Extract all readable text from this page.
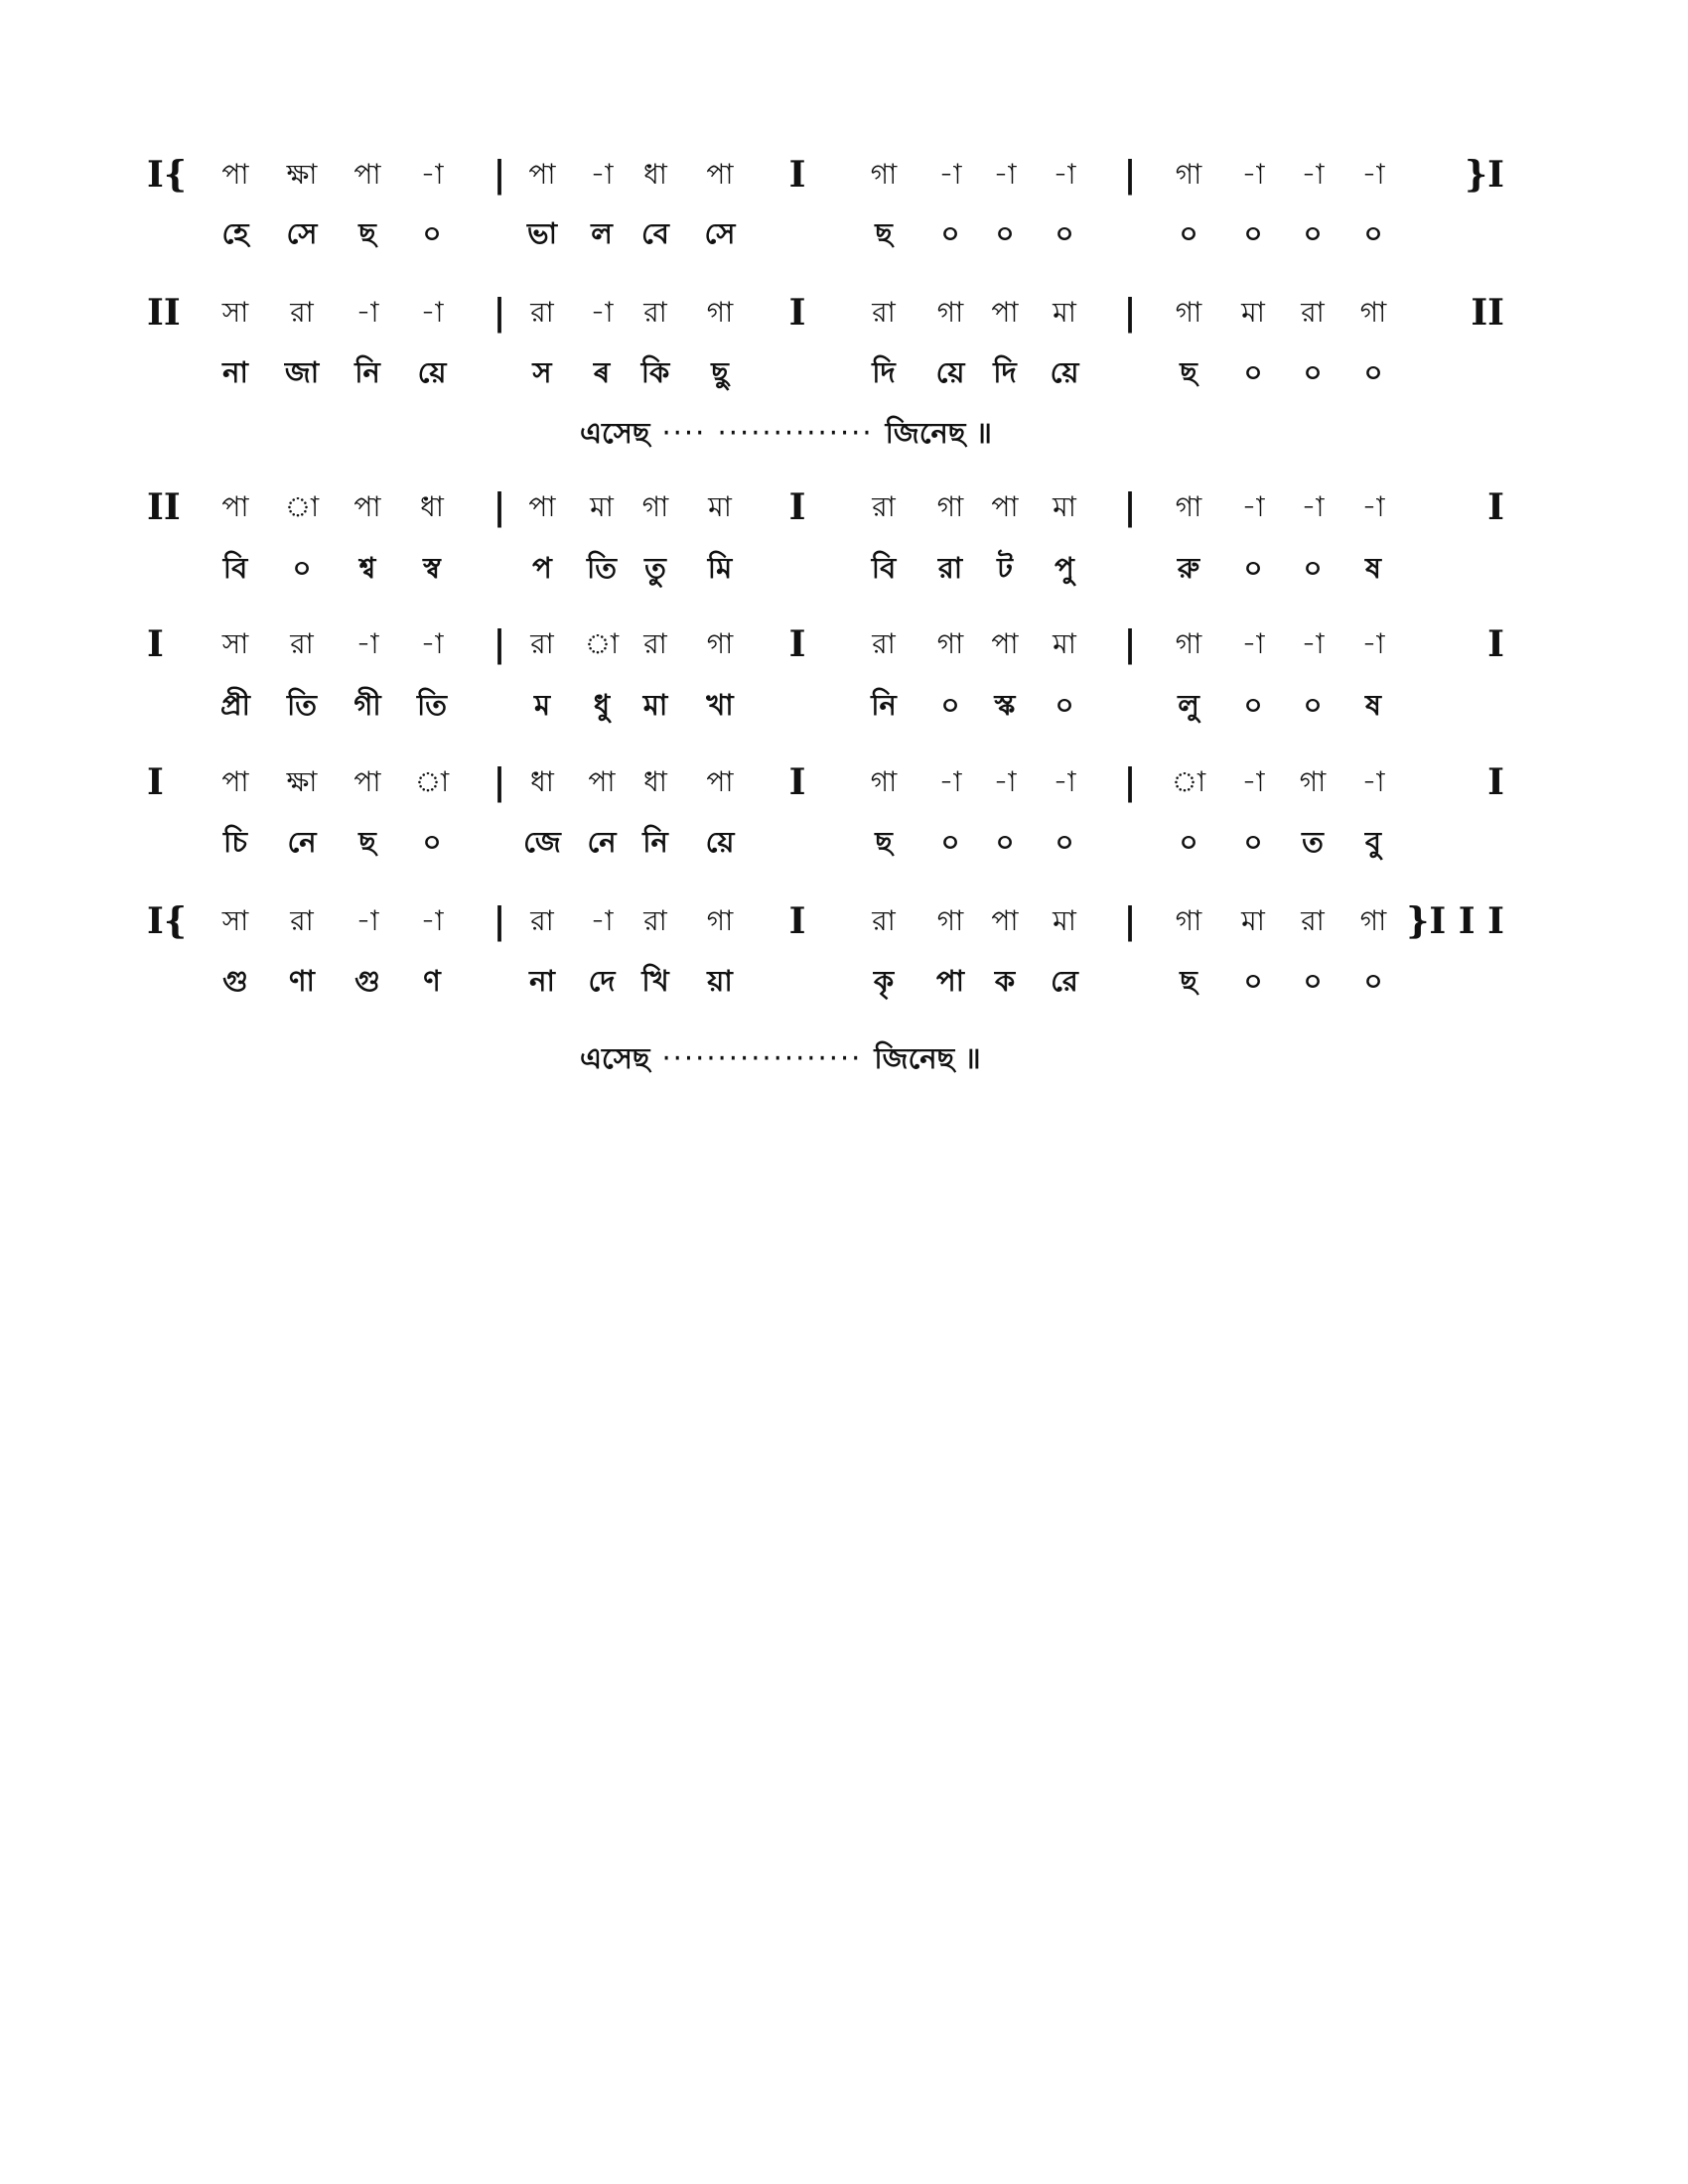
I{ পা ক্ষা পা -া | পা -া ধা পা I গা -া -া -া | গা -া -া -া }I
হে সে ছ ০	ভা ল বে সে	ছ ০ ০ ০	০ ০ ০ ০
II সা রা -া -া | রা -া রা গা I রা গা পা মা | গা মা রা গা II
না জা নি য়ে	স ৰ কি ছু	দি য়ে দি য়ে	ছ ০ ০ ০
এসেছ ···· ·············· জিনেছ ॥
II পা া পা ধা | পা মা গা মা I রা গা পা মা | গা -া -া -া	I
বি ০ শ্ব স্ব	প তি তু মি	বি রা ট পু	রু ০ ০ ষ
I সা রা -া -া | রা া রা গা I রা গা পা মা | গা -া -া -া	I
প্রী তি গী তি	ম ধু মা খা	নি ০ স্ক ০	লু ০ ০ ষ
I পা ক্ষা পা া | ধা পা ধা পা I গা -া -া -া | া -া গা -া	I
চি নে ছ ০	জে নে নি য়ে	ছ ০ ০ ০	০ ০ ত বু
I{ সা রা -া -া | রা -া রা গা I রা গা পা মা | গা মা রা গা }I I I
গু ণা গু ণ	না দে খি য়া	কৃ পা ক রে	ছ ০ ০ ০
এসেছ ·················· জিনেছ ॥
